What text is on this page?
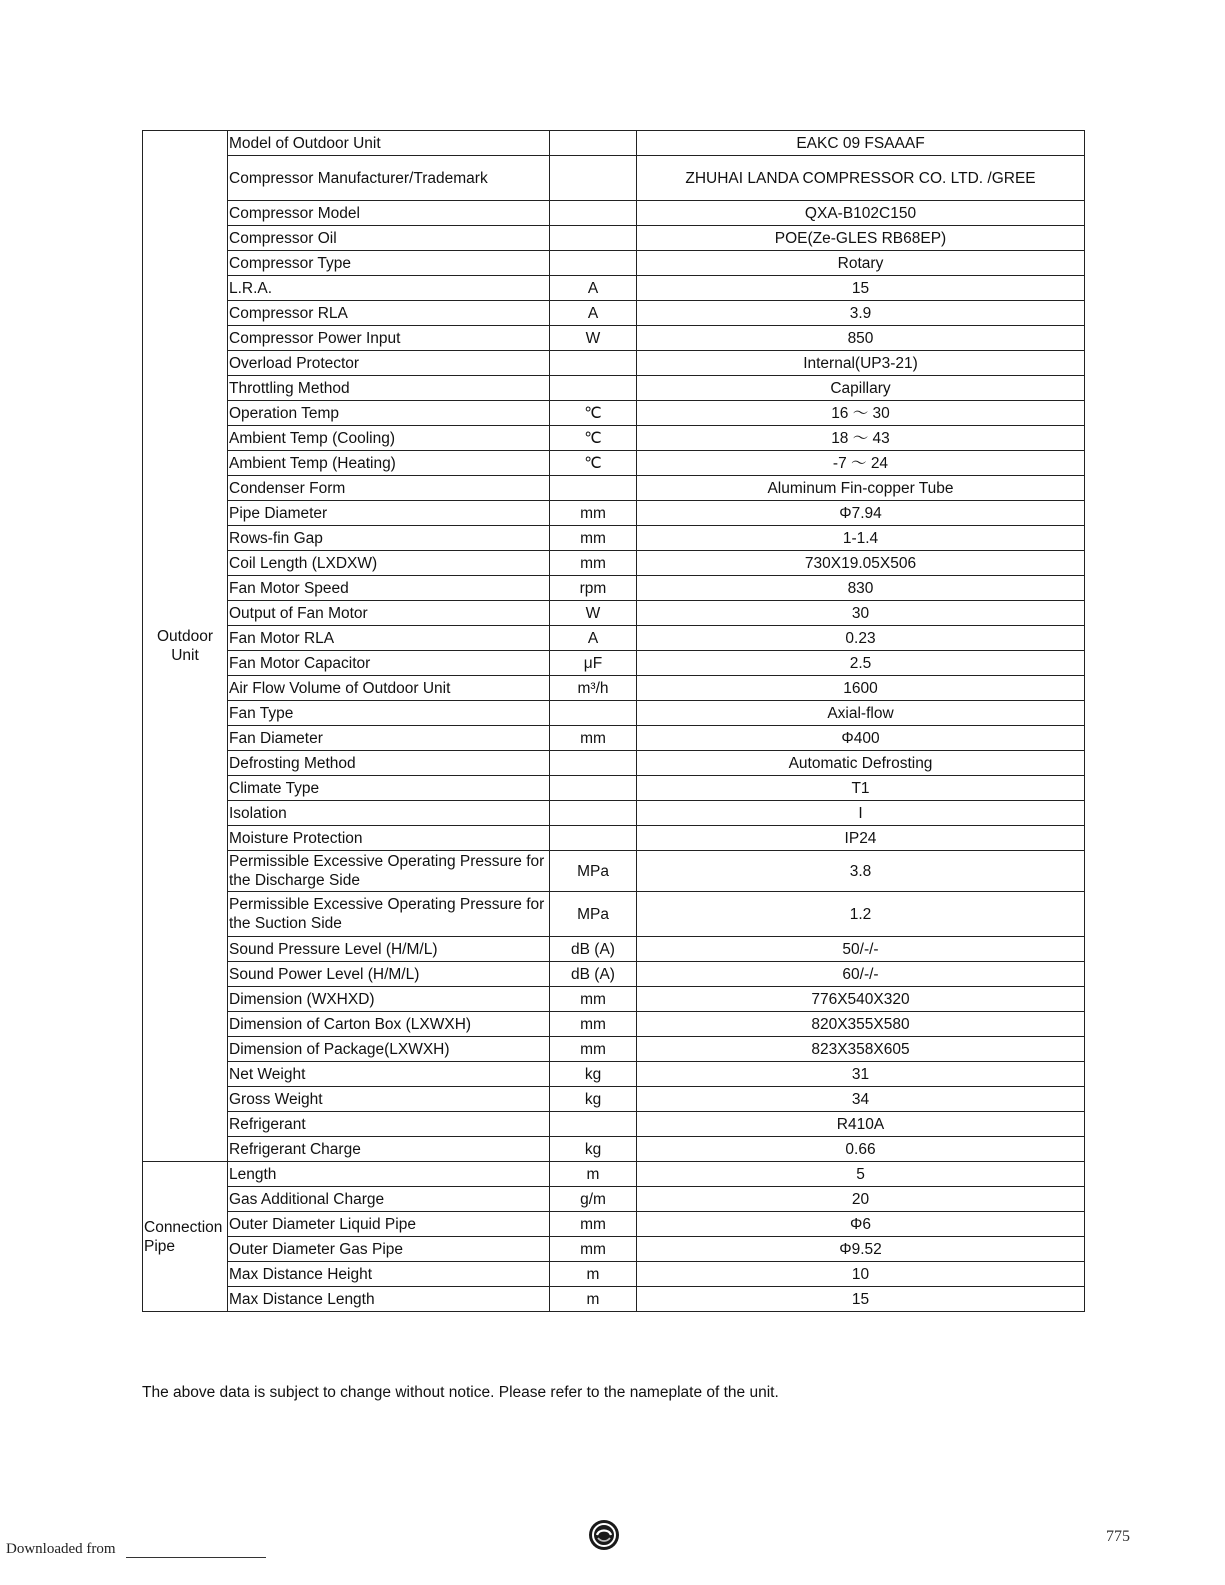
Outdoor
Unit	Model of Outdoor Unit		EAKC 09 FSAAAF
	Compressor Manufacturer/Trademark		ZHUHAI LANDA COMPRESSOR CO. LTD. /GREE
	Compressor Model		QXA-B102C150
	Compressor Oil		POE(Ze-GLES RB68EP)
	Compressor Type		Rotary
	L.R.A.	A	15
	Compressor RLA	A	3.9
	Compressor Power Input	W	850
	Overload Protector		Internal(UP3-21)
	Throttling Method		Capillary
	Operation Temp	℃	16 ～ 30
	Ambient Temp (Cooling)	℃	18 ～ 43
	Ambient Temp (Heating)	℃	-7 ～ 24
	Condenser Form		Aluminum Fin-copper Tube
	Pipe Diameter	mm	Φ7.94
	Rows-fin Gap	mm	1-1.4
	Coil Length (LXDXW)	mm	730X19.05X506
	Fan Motor Speed	rpm	830
	Output of Fan Motor	W	30
	Fan Motor RLA	A	0.23
	Fan Motor Capacitor	μF	2.5
	Air Flow Volume of Outdoor Unit	m³/h	1600
	Fan Type		Axial-flow
	Fan Diameter	mm	Φ400
	Defrosting Method		Automatic Defrosting
	Climate Type		T1
	Isolation		I
	Moisture Protection		IP24
	Permissible Excessive Operating Pressure for the Discharge Side	MPa	3.8
	Permissible Excessive Operating Pressure for the Suction Side	MPa	1.2
	Sound Pressure Level (H/M/L)	dB (A)	50/-/-
	Sound Power Level (H/M/L)	dB (A)	60/-/-
	Dimension (WXHXD)	mm	776X540X320
	Dimension of Carton Box (LXWXH)	mm	820X355X580
	Dimension of Package(LXWXH)	mm	823X358X605
	Net Weight	kg	31
	Gross Weight	kg	34
	Refrigerant		R410A
	Refrigerant Charge	kg	0.66

Connection
Pipe	Length	m	5
	Gas Additional Charge	g/m	20
	Outer Diameter Liquid Pipe	mm	Φ6
	Outer Diameter Gas Pipe	mm	Φ9.52
	Max Distance Height	m	10
	Max Distance Length	m	15
The above data is subject to change without notice. Please refer to the nameplate of the unit.
Downloaded from
775
